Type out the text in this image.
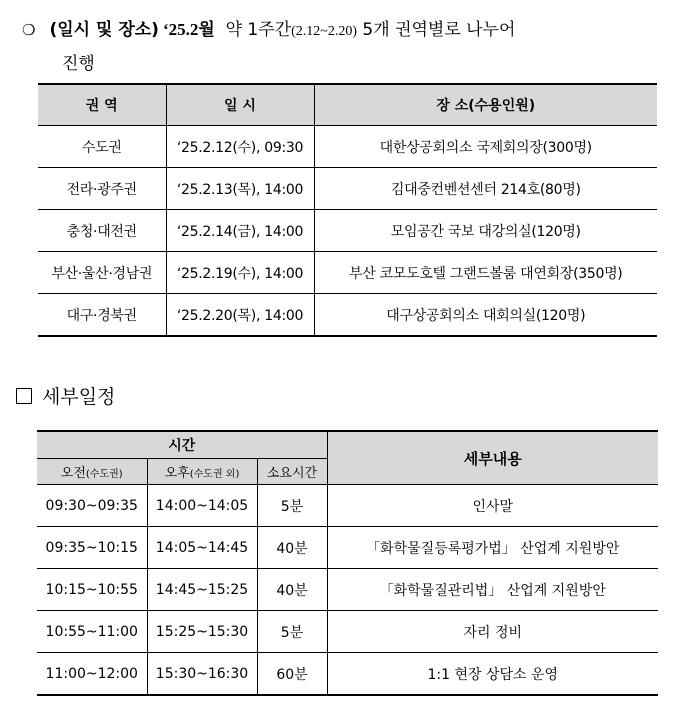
❍ (일시 및 장소) ‘25.2월
약 1주간 (2.12~2.20)
5개 권역별로 나누어
진행
권 역	일 시	장 소(수용인원)
수도권	‘25.2.12(수), 09:30	대한상공회의소 국제회의장(300명)
전라·광주권	‘25.2.13(목), 14:00	김대중컨벤션센터 214호(80명)
충청·대전권	‘25.2.14(금), 14:00	모임공간 국보 대강의실(120명)
부산·울산·경남권	‘25.2.19(수), 14:00	부산 코모도호텔 그랜드볼룸 대연회장(350명)
대구·경북권	‘25.2.20(목), 14:00	대구상공회의소 대회의실(120명)
세부일정
시간			세부내용
오전(수도권)	오후(수도권 외)	소요시간	
09:30~09:35	14:00~14:05	5분	인사말
09:35~10:15	14:05~14:45	40분	「화학물질등록평가법」 산업계 지원방안
10:15~10:55	14:45~15:25	40분	「화학물질관리법」 산업계 지원방안
10:55~11:00	15:25~15:30	5분	자리 정비
11:00~12:00	15:30~16:30	60분	1:1 현장 상담소 운영
